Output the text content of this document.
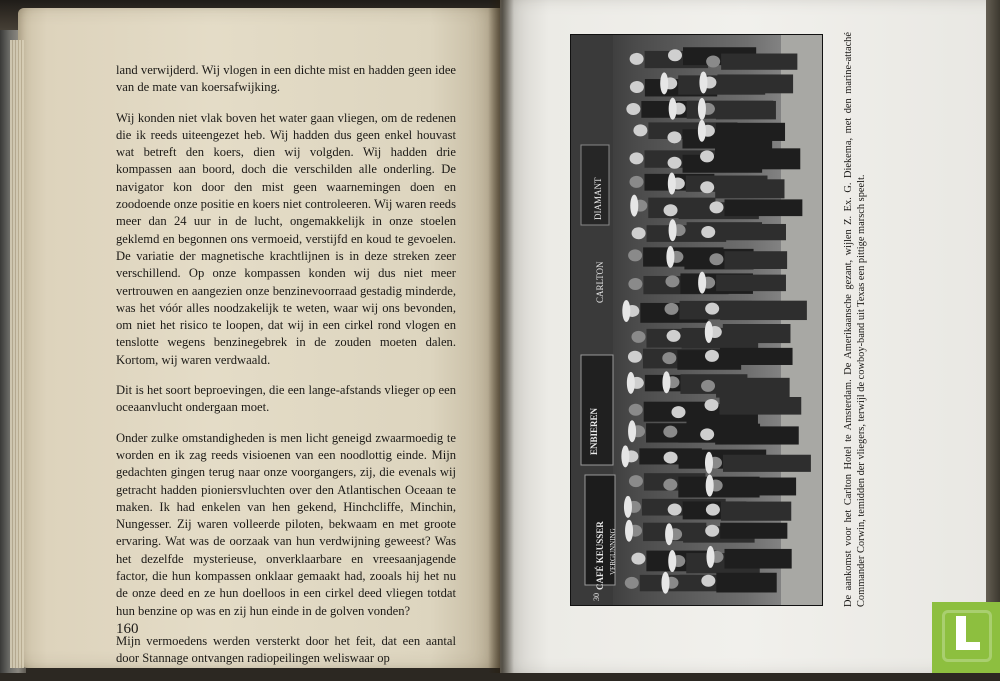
land verwijderd. Wij vlogen in een dichte mist en hadden geen idee van de mate van koersafwijking.

Wij konden niet vlak boven het water gaan vliegen, om de redenen die ik reeds uiteengezet heb. Wij hadden dus geen enkel houvast wat betreft den koers, dien wij volgden. Wij hadden drie kompassen aan boord, doch die verschilden alle onderling. De navigator kon door den mist geen waarnemingen doen en zoodoende onze positie en koers niet controleeren. Wij waren reeds meer dan 24 uur in de lucht, ongemakkelijk in onze stoelen geklemd en begonnen ons vermoeid, verstijfd en koud te gevoelen. De variatie der magnetische krachtlijnen is in deze streken zeer verschillend. Op onze kompassen konden wij dus niet meer vertrouwen en aangezien onze benzinevoorraad gestadig minderde, was het vóór alles noodzakelijk te weten, waar wij ons bevonden, om niet het risico te loopen, dat wij in een cirkel rond vlogen en tenslotte wegens benzinegebrek in de zouden moeten dalen. Kortom, wij waren verdwaald.

Dit is het soort beproevingen, die een lange-afstands vlieger op een oceaanvlucht ondergaan moet.

Onder zulke omstandigheden is men licht geneigd zwaarmoedig te worden en ik zag reeds visioenen van een noodlottig einde. Mijn gedachten gingen terug naar onze voorgangers, zij, die evenals wij getracht hadden pioniersvluchten over den Atlantischen Oceaan te maken. Ik had enkelen van hen gekend, Hinchcliffe, Minchin, Nungesser. Zij waren volleerde piloten, bekwaam en met groote ervaring. Wat was de oorzaak van hun verdwijning geweest? Was het dezelfde mysterieuse, onverklaarbare en vreesaanjagende factor, die hun kompassen onklaar gemaakt had, zooals hij het nu de onze deed en ze hun doelloos in een cirkel deed vliegen totdat hun benzine op was en zij hun einde in de golven vonden?

Mijn vermoedens werden versterkt door het feit, dat een aantal door Stannage ontvangen radiopeilingen weliswaar op

160
DIAMANT
CARLTON
ENBIEREN
CAFÉ KEUSSER VERGUNNING
30	De aankomst voor het Carlton Hotel te Amsterdam. De Amerikaansche gezant, wijlen Z. Ex. G. Diekema, met den marine-attaché Commander Corwin, temidden der vliegers, terwijl de cowboy-band uit Texas een pittige marsch speelt.
